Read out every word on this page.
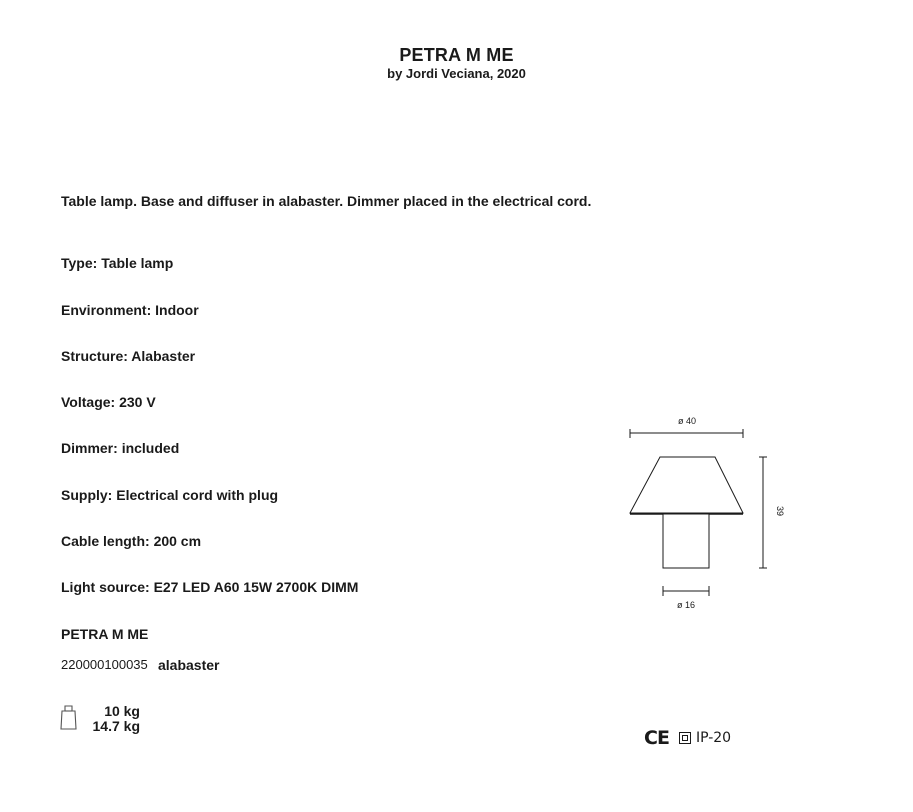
PETRA M ME
by Jordi Veciana, 2020
Table lamp. Base and diffuser in alabaster. Dimmer placed in the electrical cord.
Type: Table lamp
Environment: Indoor
Structure: Alabaster
Voltage: 230 V
Dimmer: included
Supply: Electrical cord with plug
Cable length: 200 cm
Light source: E27 LED A60 15W 2700K DIMM
PETRA M ME
220000100035 alabaster
10 kg
14.7 kg
ø 40
39
ø 16
CE IP-20
